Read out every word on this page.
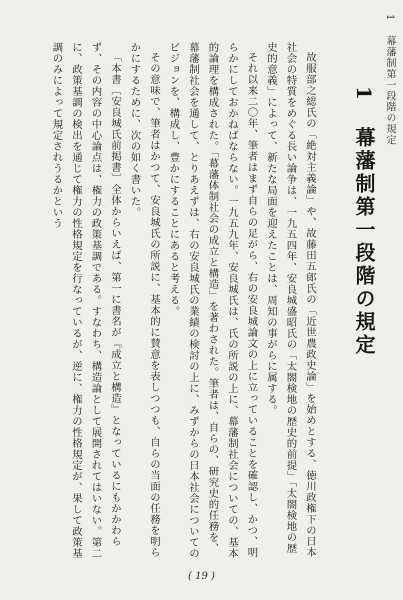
1 幕藩制第一段階の規定
1 幕藩制第一段階の規定

故服部之総氏の「絶対主義論」や、故藤田五郎氏の「近世農政史論」を始めとする、徳川政権下の日本社会の特質をめぐる長い論争は、一九五四年、安良城盛昭氏の「太閤検地の歴史的前提」「太閤検地の歴史的意義」によって、新たな局面を迎えたことは、周知の事がらに属する。

それ以来二〇年、筆者はまず自らの足がら、右の安良城論文の上に立っていることを確認し、かつ、明らかにしておかねばならない。一九五九年、安良城氏は、氏の所説の上に、幕藩制社会についての、基本的論理を構成された。「幕藩体制社会の成立と構造」を著わされた。筆者は、自らの、研究史的任務を、幕藩制社会を通して、とりあえずは、右の安良城氏の業績の検討の上に、みずからの日本社会についてのビジョンを、構成し、豊かにすることにあると考える。

その意味で、筆者はかつて、安良城氏の所説に、基本的に賛意を表しつつも、自らの当面の任務を明らかにするために、次の如く書いた。

「本書〔安良城氏前掲書〕全体からいえば、第一に書名が『成立と構造』となっているにもかかわらず、その内容の中心論点は、権力の政策基調である。すなわち、構造論として展開されてはいない。第二に、政策基調の検出を通じて権力の性格規定を行なっているが、逆に、権力の性格規定が、果して政策基調のみによって規定されうるかという

( 19 )
